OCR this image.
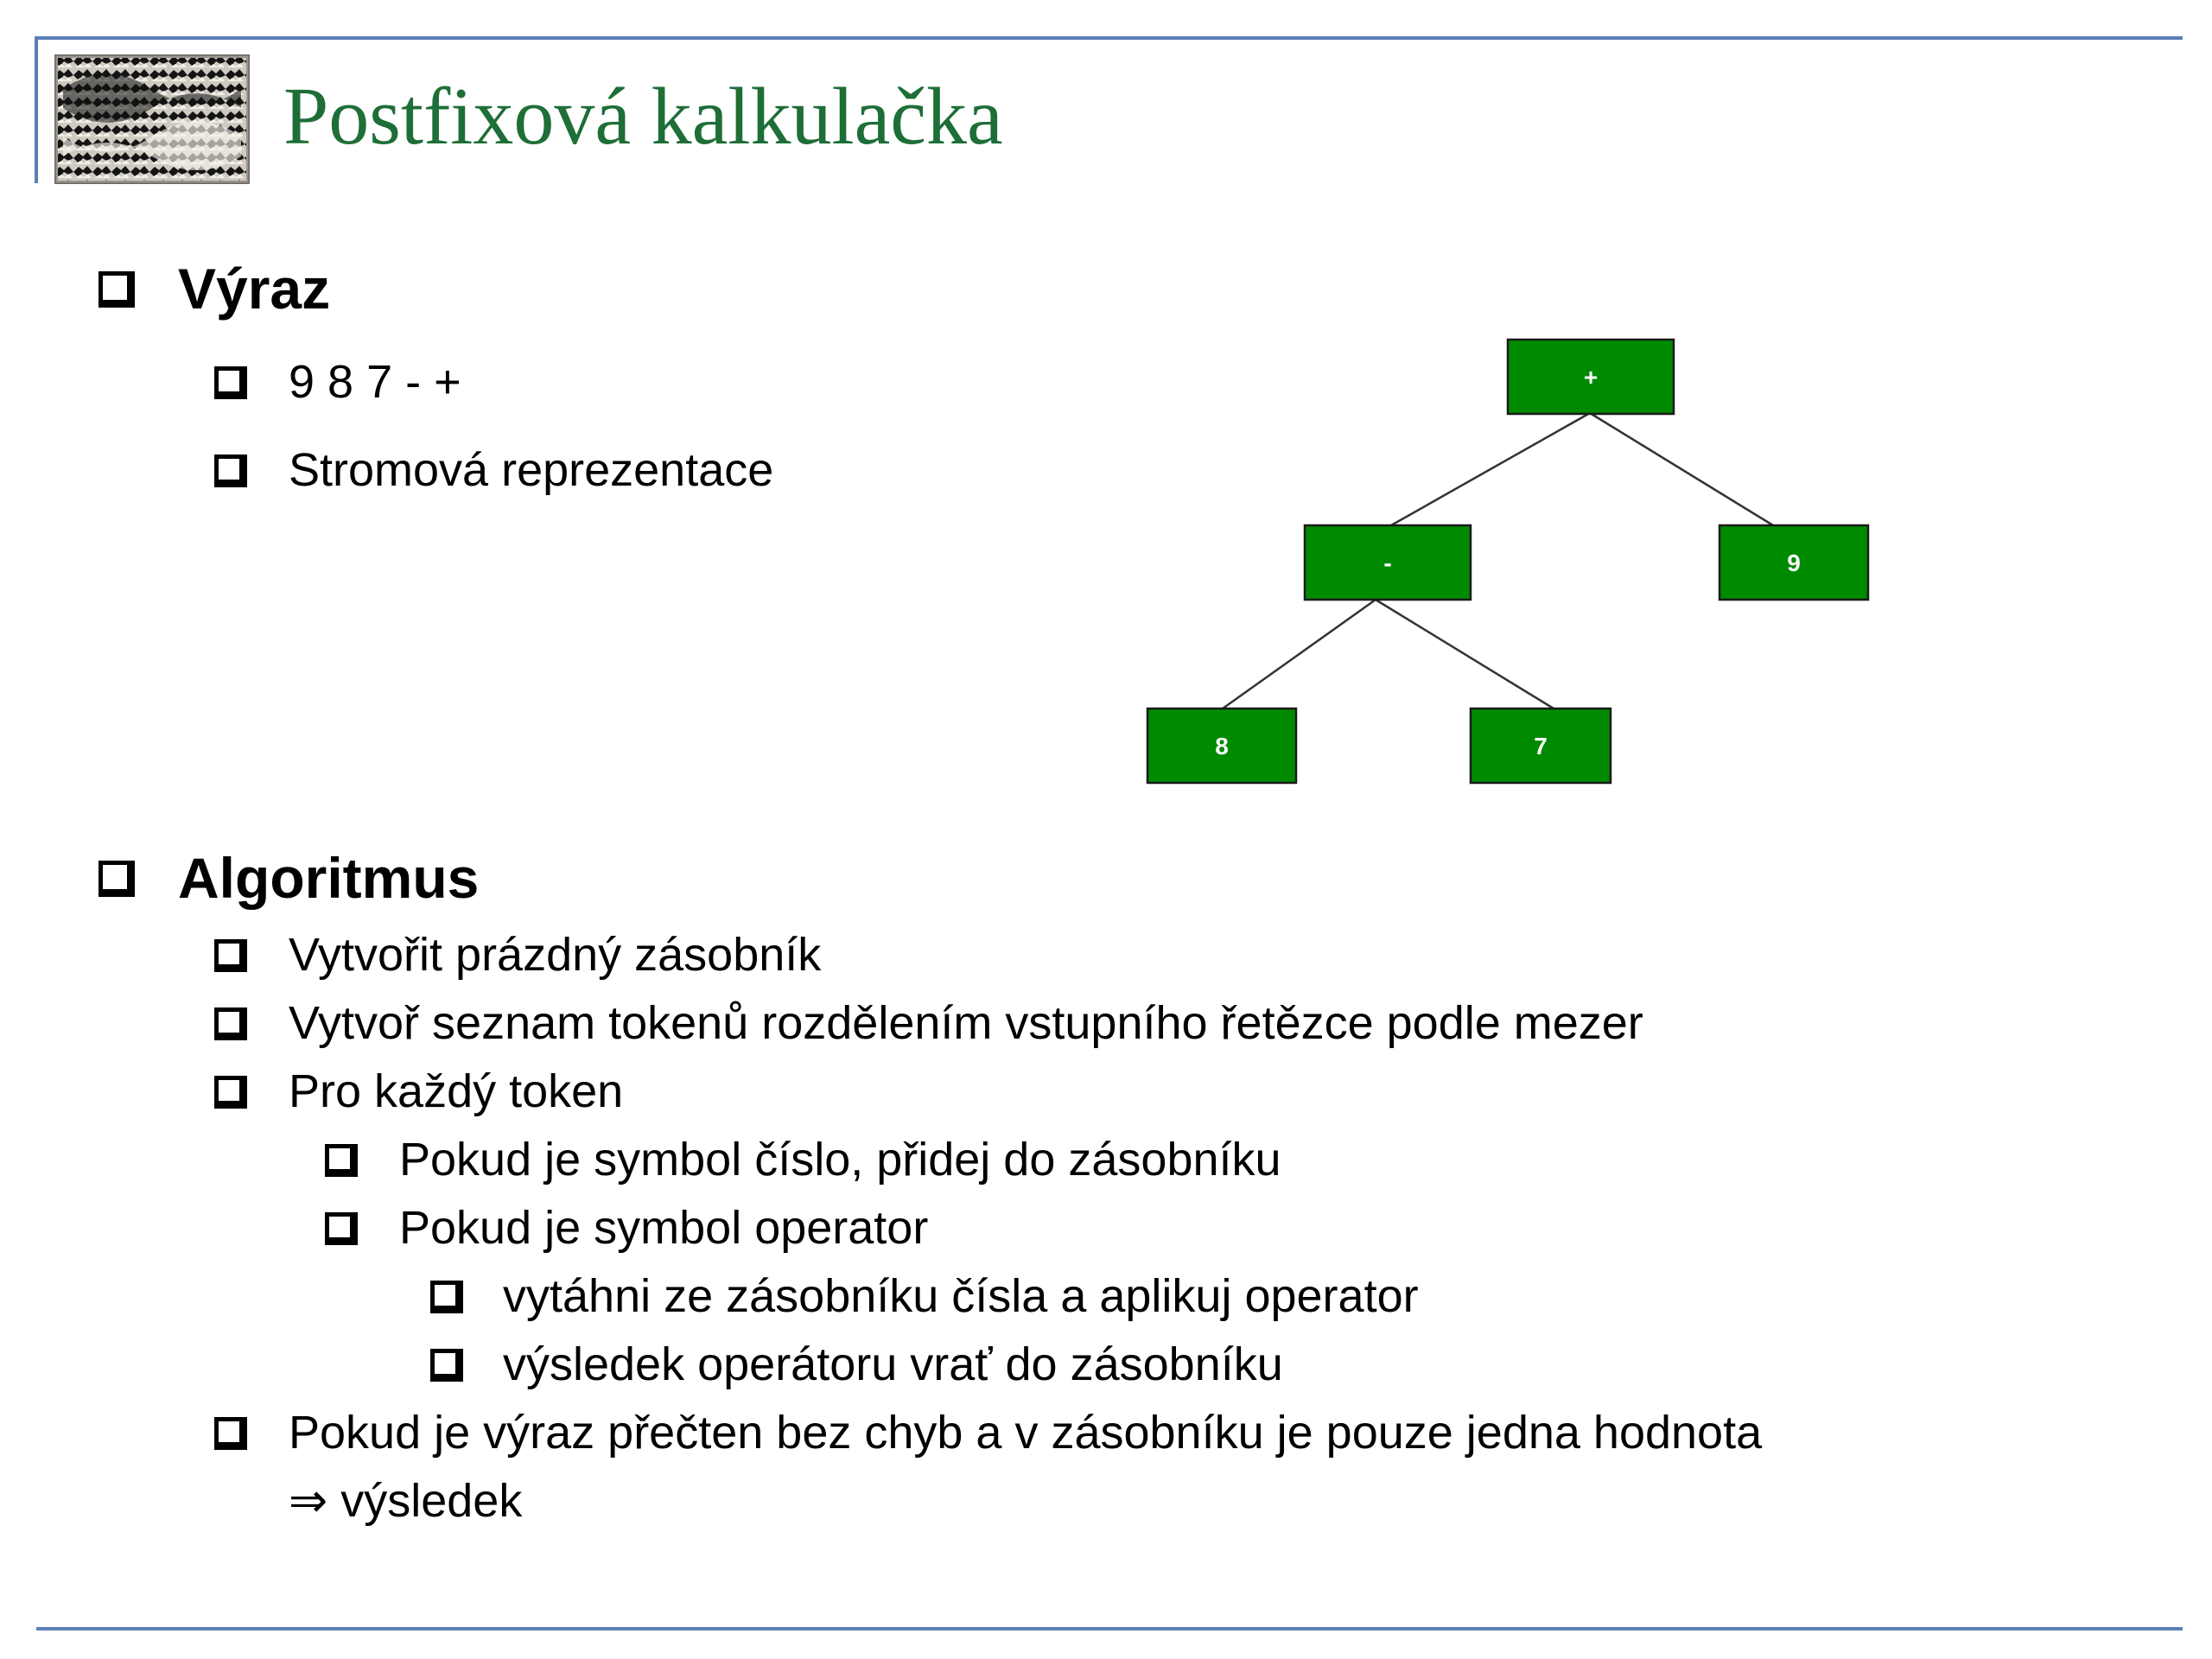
Postfixová kalkulačka
Výraz
9 8 7 - +
Stromová reprezentace
+
-	9
8	7
Algoritmus
Vytvořit prázdný zásobník
Vytvoř seznam tokenů rozdělením vstupního řetězce podle mezer
Pro každý token
Pokud je symbol číslo, přidej do zásobníku
Pokud je symbol operator
vytáhni ze zásobníku čísla a aplikuj operator
výsledek operátoru vrať do zásobníku
Pokud je výraz přečten bez chyb a v zásobníku je pouze jedna hodnota
⇒ výsledek
